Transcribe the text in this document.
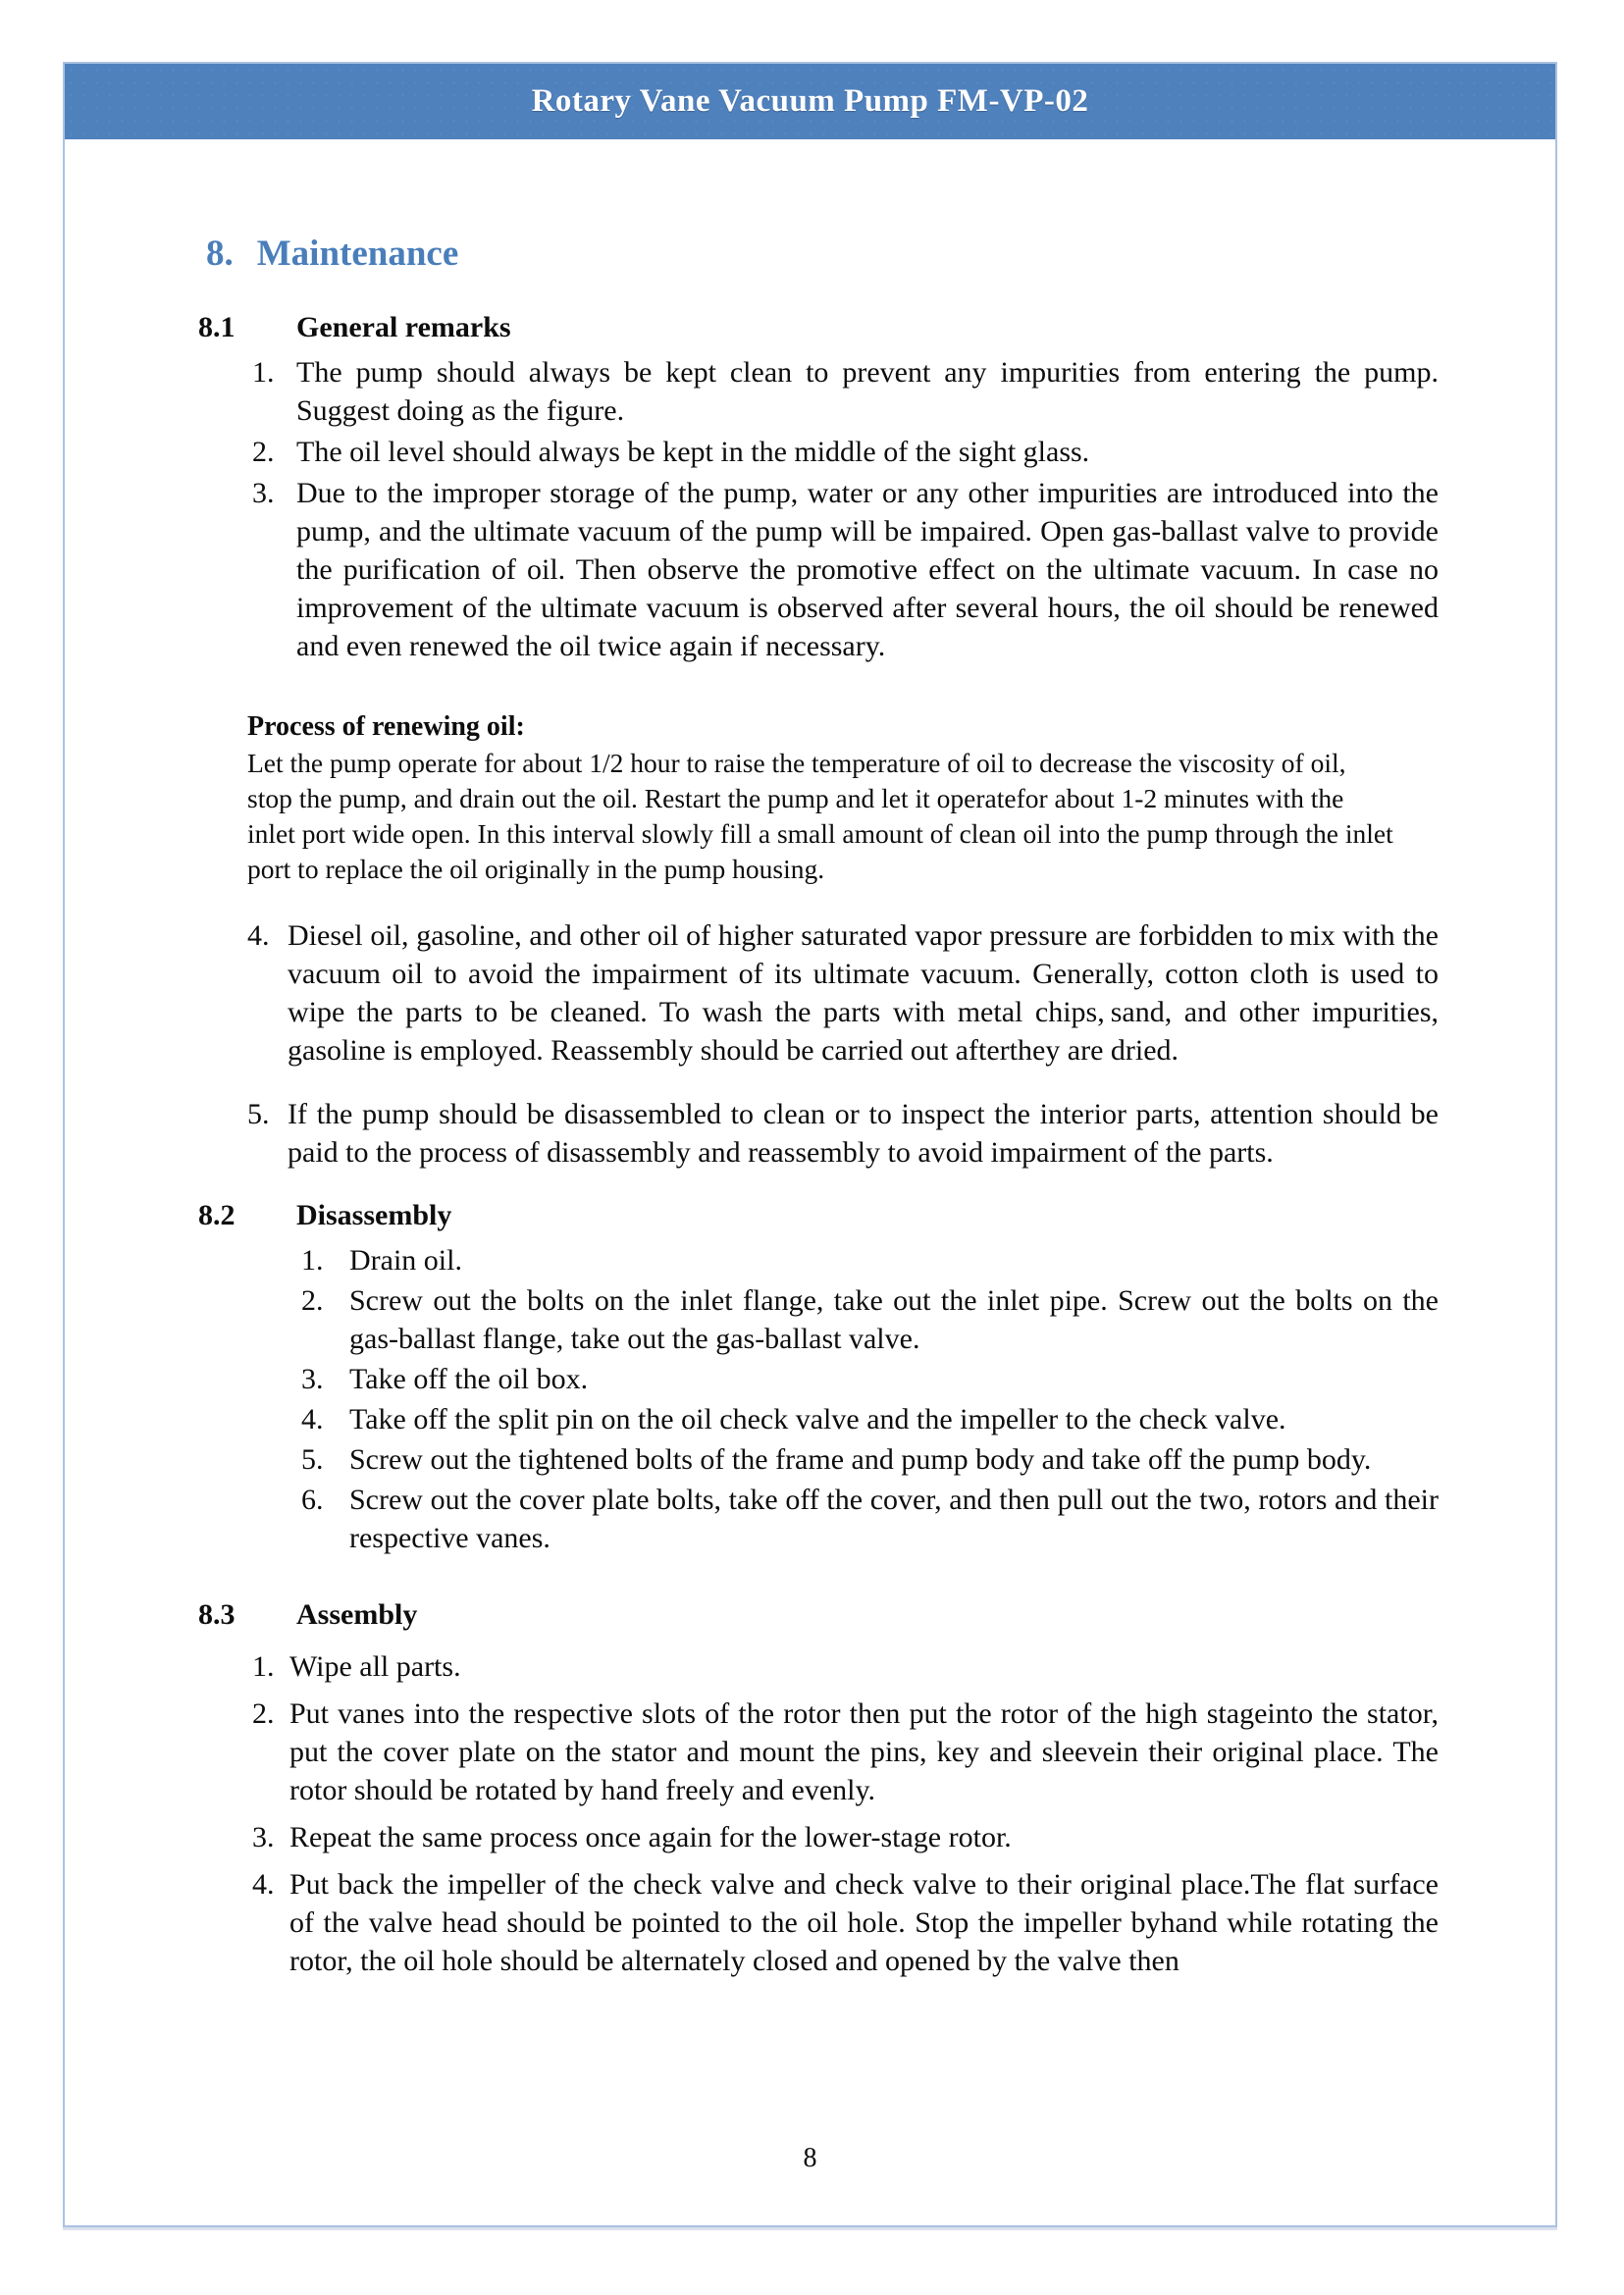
Rotary Vane Vacuum Pump FM-VP-02
8. Maintenance
8.1 General remarks
1. The pump should always be kept clean to prevent any impurities from entering the pump. Suggest doing as the figure.
2. The oil level should always be kept in the middle of the sight glass.
3. Due to the improper storage of the pump, water or any other impurities are introduced into the pump, and the ultimate vacuum of the pump will be impaired. Open gas-ballast valve to provide the purification of oil. Then observe the promotive effect on the ultimate vacuum. In case no improvement of the ultimate vacuum is observed after several hours, the oil should be renewed and even renewed the oil twice again if necessary.
Process of renewing oil:
Let the pump operate for about 1/2 hour to raise the temperature of oil to decrease the viscosity of oil, stop the pump, and drain out the oil. Restart the pump and let it operatefor about 1-2 minutes with the inlet port wide open. In this interval slowly fill a small amount of clean oil into the pump through the inlet port to replace the oil originally in the pump housing.
4. Diesel oil, gasoline, and other oil of higher saturated vapor pressure are forbidden to mix with the vacuum oil to avoid the impairment of its ultimate vacuum. Generally, cotton cloth is used to wipe the parts to be cleaned. To wash the parts with metal chips, sand, and other impurities, gasoline is employed. Reassembly should be carried out afterthey are dried.
5. If the pump should be disassembled to clean or to inspect the interior parts, attention should be paid to the process of disassembly and reassembly to avoid impairment of the parts.
8.2 Disassembly
1. Drain oil.
2. Screw out the bolts on the inlet flange, take out the inlet pipe. Screw out the bolts on the gas-ballast flange, take out the gas-ballast valve.
3. Take off the oil box.
4. Take off the split pin on the oil check valve and the impeller to the check valve.
5. Screw out the tightened bolts of the frame and pump body and take off the pump body.
6. Screw out the cover plate bolts, take off the cover, and then pull out the two, rotors and their respective vanes.
8.3 Assembly
1. Wipe all parts.
2. Put vanes into the respective slots of the rotor then put the rotor of the high stageinto the stator, put the cover plate on the stator and mount the pins, key and sleevein their original place. The rotor should be rotated by hand freely and evenly.
3. Repeat the same process once again for the lower-stage rotor.
4. Put back the impeller of the check valve and check valve to their original place.The flat surface of the valve head should be pointed to the oil hole. Stop the impeller byhand while rotating the rotor, the oil hole should be alternately closed and opened by the valve then
8
